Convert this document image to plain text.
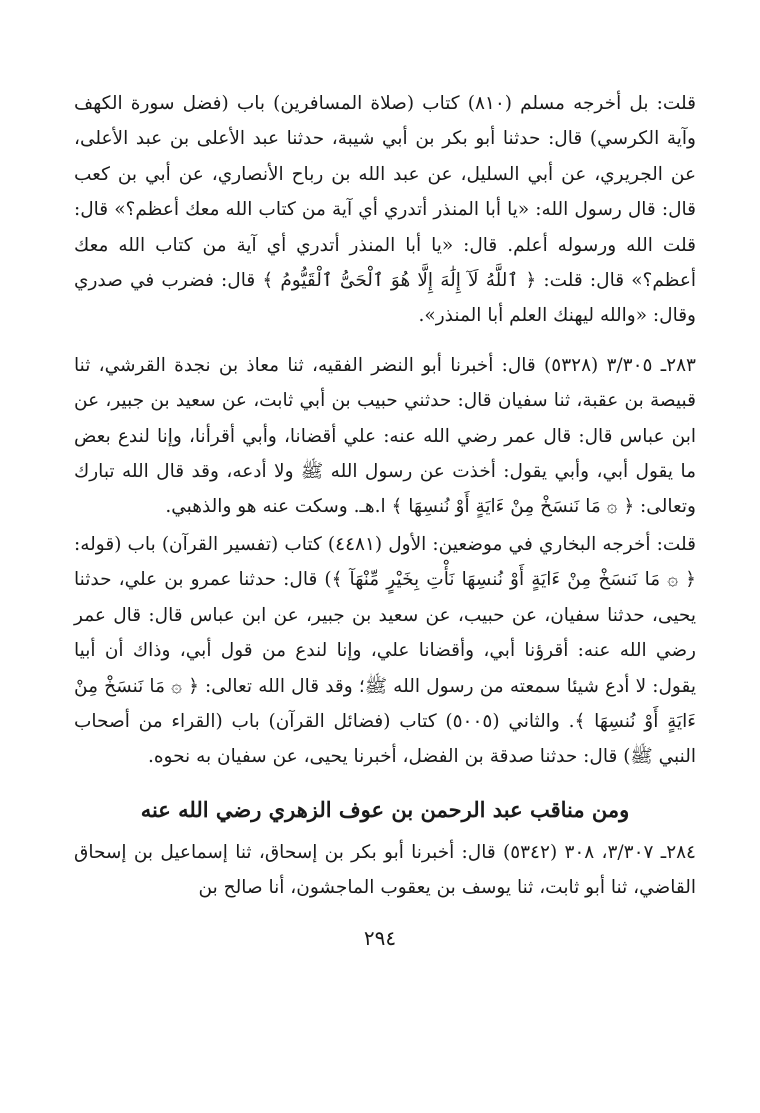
قلت: بل أخرجه مسلم (٨١٠) كتاب (صلاة المسافرين) باب (فضل سورة الكهف وآية الكرسي) قال: حدثنا أبو بكر بن أبي شيبة، حدثنا عبد الأعلى بن عبد الأعلى، عن الجريري، عن أبي السليل، عن عبد الله بن رباح الأنصاري، عن أبي بن كعب قال: قال رسول الله: «يا أبا المنذر أتدري أي آية من كتاب الله معك أعظم؟» قال: قلت الله ورسوله أعلم. قال: «يا أبا المنذر أتدري أي آية من كتاب الله معك أعظم؟» قال: قلت: ﴿ ٱللَّهُ لَآ إِلَٰهَ إِلَّا هُوَ ٱلْحَىُّ ٱلْقَيُّومُ ﴾ قال: فضرب في صدري وقال: «والله ليهنك العلم أبا المنذر».

٢٨٣ـ ٣/٣٠٥ (٥٣٢٨) قال: أخبرنا أبو النضر الفقيه، ثنا معاذ بن نجدة القرشي، ثنا قبيصة بن عقبة، ثنا سفيان قال: حدثني حبيب بن أبي ثابت، عن سعيد بن جبير، عن ابن عباس قال: قال عمر رضي الله عنه: علي أقضانا، وأبي أقرأنا، وإنا لندع بعض ما يقول أبي، وأبي يقول: أخذت عن رسول الله ﷺ ولا أدعه، وقد قال الله تبارك وتعالى: ﴿ ۞ مَا نَنسَخْ مِنْ ءَايَةٍ أَوْ نُنسِهَا ﴾ ا.هـ. وسكت عنه هو والذهبي.

قلت: أخرجه البخاري في موضعين: الأول (٤٤٨١) كتاب (تفسير القرآن) باب (قوله: ﴿ ۞ مَا نَنسَخْ مِنْ ءَايَةٍ أَوْ نُنسِهَا نَأْتِ بِخَيْرٍ مِّنْهَآ ﴾) قال: حدثنا عمرو بن علي، حدثنا يحيى، حدثنا سفيان، عن حبيب، عن سعيد بن جبير، عن ابن عباس قال: قال عمر رضي الله عنه: أقرؤنا أبي، وأقضانا علي، وإنا لندع من قول أبي، وذاك أن أبيا يقول: لا أدع شيئا سمعته من رسول الله ﷺ؛ وقد قال الله تعالى: ﴿ ۞ مَا نَنسَخْ مِنْ ءَايَةٍ أَوْ نُنسِهَا ﴾. والثاني (٥٠٠٥) كتاب (فضائل القرآن) باب (القراء من أصحاب النبي ﷺ) قال: حدثنا صدقة بن الفضل، أخبرنا يحيى، عن سفيان به نحوه.

ومن مناقب عبد الرحمن بن عوف الزهري رضي الله عنه

٢٨٤ـ ٣/٣٠٧، ٣٠٨ (٥٣٤٢) قال: أخبرنا أبو بكر بن إسحاق، ثنا إسماعيل بن إسحاق القاضي، ثنا أبو ثابت، ثنا يوسف بن يعقوب الماجشون، أنا صالح بن

٢٩٤
